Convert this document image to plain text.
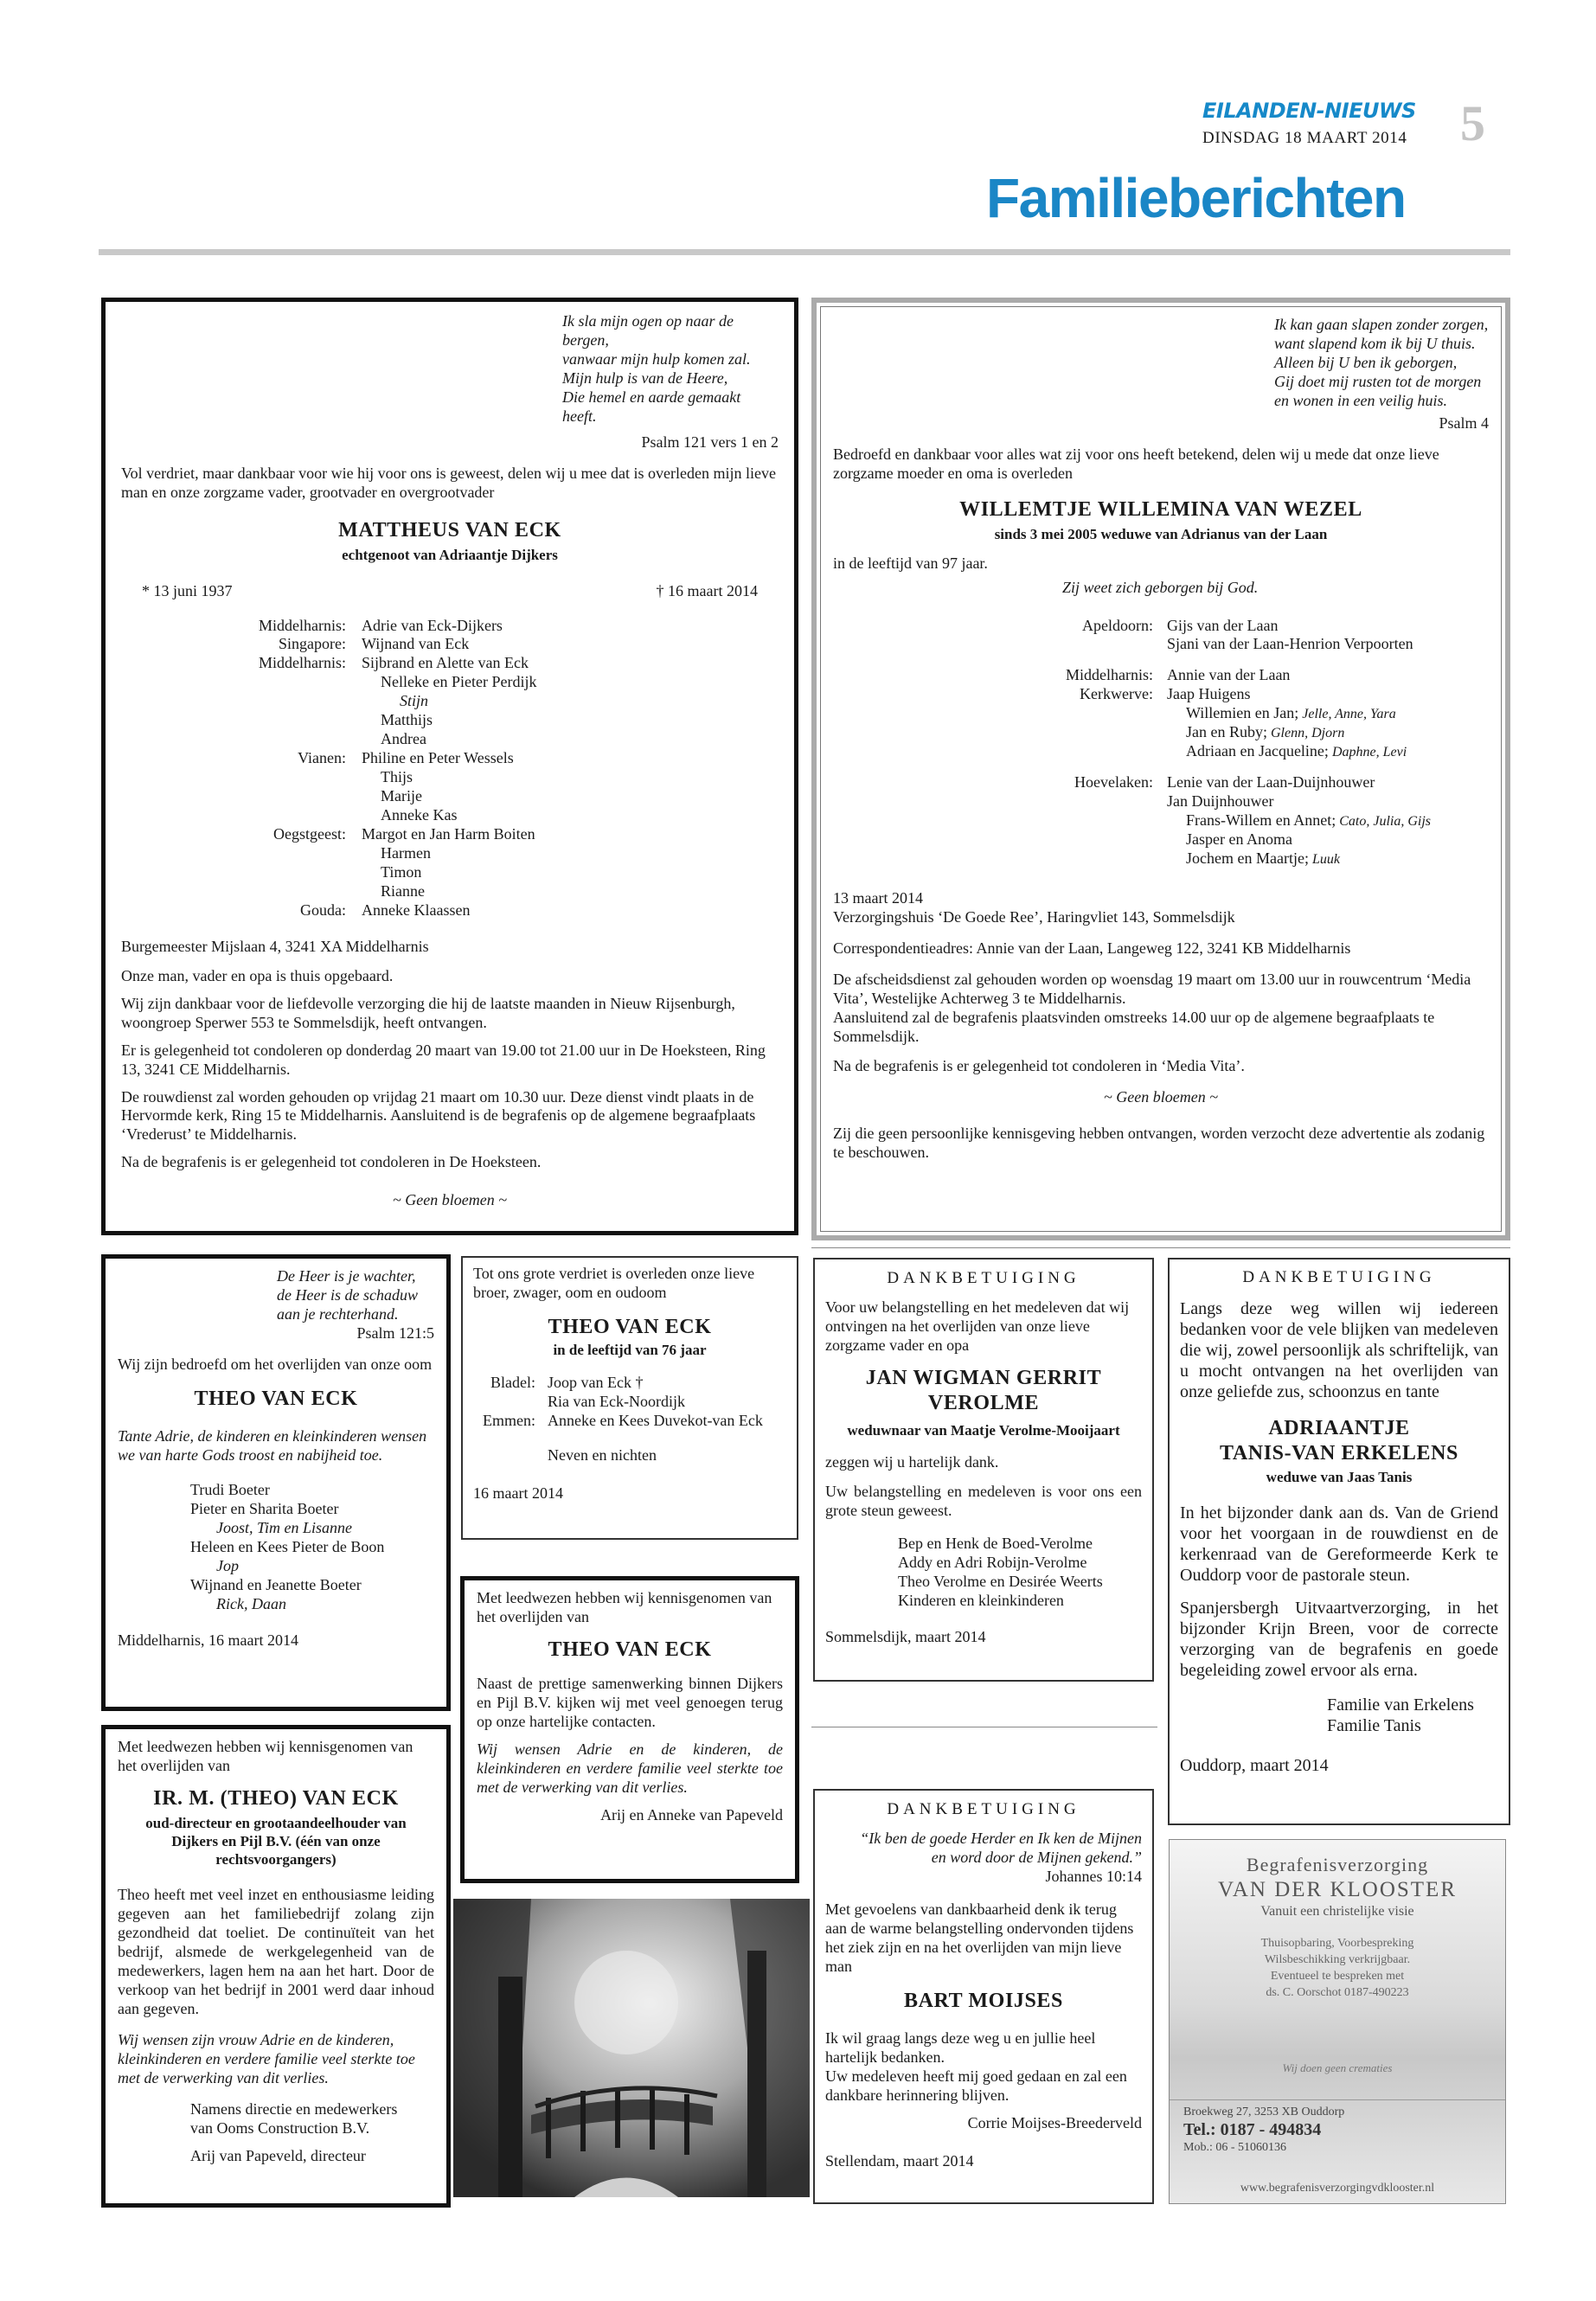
EILANDEN-NIEUWS
DINSDAG 18 MAART 2014 5
Familieberichten
Ik sla mijn ogen op naar de bergen,
vanwaar mijn hulp komen zal.
Mijn hulp is van de Heere,
Die hemel en aarde gemaakt heeft.
Psalm 121 vers 1 en 2

Vol verdriet, maar dankbaar voor wie hij voor ons is geweest, delen wij u mee dat is overleden mijn lieve man en onze zorgzame vader, grootvader en overgrootvader

MATTHEUS VAN ECK
echtgenoot van Adriaantje Dijkers
* 13 juni 1937	† 16 maart 2014
Middelharnis: Adrie van Eck-Dijkers
Singapore: Wijnand van Eck
Middelharnis: Sijbrand en Alette van Eck
Nelleke en Pieter Perdijk
Stijn
Matthijs
Andrea
Vianen: Philine en Peter Wessels
Thijs
Marije
Anneke Kas
Oegstgeest: Margot en Jan Harm Boiten
Harmen
Timon
Rianne
Gouda: Anneke Klaassen
Burgemeester Mijslaan 4, 3241 XA Middelharnis

Onze man, vader en opa is thuis opgebaard.

Wij zijn dankbaar voor de liefdevolle verzorging die hij de laatste maanden in Nieuw Rijsenburgh, woongroep Sperwer 553 te Sommelsdijk, heeft ontvangen.

Er is gelegenheid tot condoleren op donderdag 20 maart van 19.00 tot 21.00 uur in De Hoeksteen, Ring 13, 3241 CE Middelharnis.

De rouwdienst zal worden gehouden op vrijdag 21 maart om 10.30 uur. Deze dienst vindt plaats in de Hervormde kerk, Ring 15 te Middelharnis. Aansluitend is de begrafenis op de algemene begraafplaats ‘Vrederust’ te Middelharnis.

Na de begrafenis is er gelegenheid tot condoleren in De Hoeksteen.

~ Geen bloemen ~
Ik kan gaan slapen zonder zorgen,
want slapend kom ik bij U thuis.
Alleen bij U ben ik geborgen,
Gij doet mij rusten tot de morgen
en wonen in een veilig huis.
Psalm 4

Bedroefd en dankbaar voor alles wat zij voor ons heeft betekend, delen wij u mede dat onze lieve zorgzame moeder en oma is overleden

WILLEMTJE WILLEMINA VAN WEZEL
sinds 3 mei 2005 weduwe van Adrianus van der Laan
in de leeftijd van 97 jaar.
Zij weet zich geborgen bij God.
Apeldoorn: Gijs van der Laan
Sjani van der Laan-Henrion Verpoorten
Middelharnis: Annie van der Laan
Kerkwerve: Jaap Huigens
Willemien en Jan; Jelle, Anne, Yara
Jan en Ruby; Glenn, Djorn
Adriaan en Jacqueline; Daphne, Levi
Hoevelaken: Lenie van der Laan-Duijnhouwer
Jan Duijnhouwer
Frans-Willem en Annet; Cato, Julia, Gijs
Jasper en Anoma
Jochem en Maartje; Luuk
13 maart 2014
Verzorgingshuis ‘De Goede Ree’, Haringvliet 143, Sommelsdijk

Correspondentieadres: Annie van der Laan, Langeweg 122, 3241 KB Middelharnis

De afscheidsdienst zal gehouden worden op woensdag 19 maart om 13.00 uur in rouwcentrum ‘Media Vita’, Westelijke Achterweg 3 te Middelharnis.

Aansluitend zal de begrafenis plaatsvinden omstreeks 14.00 uur op de algemene begraafplaats te Sommelsdijk.

Na de begrafenis is er gelegenheid tot condoleren in ‘Media Vita’.

~ Geen bloemen ~

Zij die geen persoonlijke kennisgeving hebben ontvangen, worden verzocht deze advertentie als zodanig te beschouwen.

De Heer is je wachter,
de Heer is de schaduw
aan je rechterhand.
Psalm 121:5

Wij zijn bedroefd om het overlijden van onze oom

THEO VAN ECK

Tante Adrie, de kinderen en kleinkinderen wensen we van harte Gods troost en nabijheid toe.

Trudi Boeter
Pieter en Sharita Boeter
Joost, Tim en Lisanne
Heleen en Kees Pieter de Boon
Jop
Wijnand en Jeanette Boeter
Rick, Daan
Middelharnis, 16 maart 2014

Tot ons grote verdriet is overleden onze lieve broer, zwager, oom en oudoom

THEO VAN ECK
in de leeftijd van 76 jaar
Bladel: Joop van Eck †
Ria van Eck-Noordijk
Emmen: Anneke en Kees Duvekot-van Eck
Neven en nichten
16 maart 2014

Met leedwezen hebben wij kennisgenomen van het overlijden van

THEO VAN ECK

Naast de prettige samenwerking binnen Dijkers en Pijl B.V. kijken wij met veel genoegen terug op onze hartelijke contacten.

Wij wensen Adrie en de kinderen, de kleinkinderen en verdere familie veel sterkte toe met de verwerking van dit verlies.

Arij en Anneke van Papeveld

Met leedwezen hebben wij kennisgenomen van het overlijden van

IR. M. (THEO) VAN ECK
oud-directeur en grootaandeelhouder van Dijkers en Pijl B.V. (één van onze rechtsvoorgangers)

Theo heeft met veel inzet en enthousiasme leiding gegeven aan het familiebedrijf zolang zijn gezondheid dat toeliet. De continuïteit van het bedrijf, alsmede de werkgelegenheid van de medewerkers, lagen hem na aan het hart. Door de verkoop van het bedrijf in 2001 werd daar inhoud aan gegeven.

Wij wensen zijn vrouw Adrie en de kinderen, kleinkinderen en verdere familie veel sterkte toe met de verwerking van dit verlies.

Namens directie en medewerkers
van Ooms Construction B.V.
Arij van Papeveld, directeur
DANKBETUIGING

Voor uw belangstelling en het medeleven dat wij ontvingen na het overlijden van onze lieve zorgzame vader en opa

JAN WIGMAN GERRIT VEROLME
weduwnaar van Maatje Verolme-Mooijaart

zeggen wij u hartelijk dank.

Uw belangstelling en medeleven is voor ons een grote steun geweest.

Bep en Henk de Boed-Verolme
Addy en Adri Robijn-Verolme
Theo Verolme en Desirée Weerts
Kinderen en kleinkinderen
Sommelsdijk, maart 2014
DANKBETUIGING

Langs deze weg willen wij iedereen bedanken voor de vele blijken van medeleven die wij, zowel persoonlijk als schriftelijk, van u mocht ontvangen na het overlijden van onze geliefde zus, schoonzus en tante

ADRIAANTJE
TANIS-VAN ERKELENS
weduwe van Jaas Tanis

In het bijzonder dank aan ds. Van de Griend voor het voorgaan in de rouwdienst en de kerkenraad van de Gereformeerde Kerk te Ouddorp voor de pastorale steun.

Spanjersbergh Uitvaartverzorging, in het bijzonder Krijn Breen, voor de correcte verzorging van de begrafenis en goede begeleiding zowel ervoor als erna.

Familie van Erkelens
Familie Tanis
Ouddorp, maart 2014
DANKBETUIGING

“Ik ben de goede Herder en Ik ken de Mijnen en word door de Mijnen gekend.”

Johannes 10:14

Met gevoelens van dankbaarheid denk ik terug aan de warme belangstelling ondervonden tijdens het ziek zijn en na het overlijden van mijn lieve man

BART MOIJSES
Ik wil graag langs deze weg u en jullie heel hartelijk bedanken.

Uw medeleven heeft mij goed gedaan en zal een dankbare herinnering blijven.

Corrie Moijses-Breederveld
Stellendam, maart 2014
Begrafenisverzorging
VAN DER KLOOSTER
Vanuit een christelijke visie
Thuisopbaring, Voorbespreking
Wilsbeschikking verkrijgbaar.
Eventueel te bespreken met
ds. C. Oorschot 0187-490223
Wij doen geen crematies
Broekweg 27, 3253 XB Ouddorp
Tel.: 0187 - 494834
Mob.: 06 - 51060136
www.begrafenisverzorgingvdklooster.nl
